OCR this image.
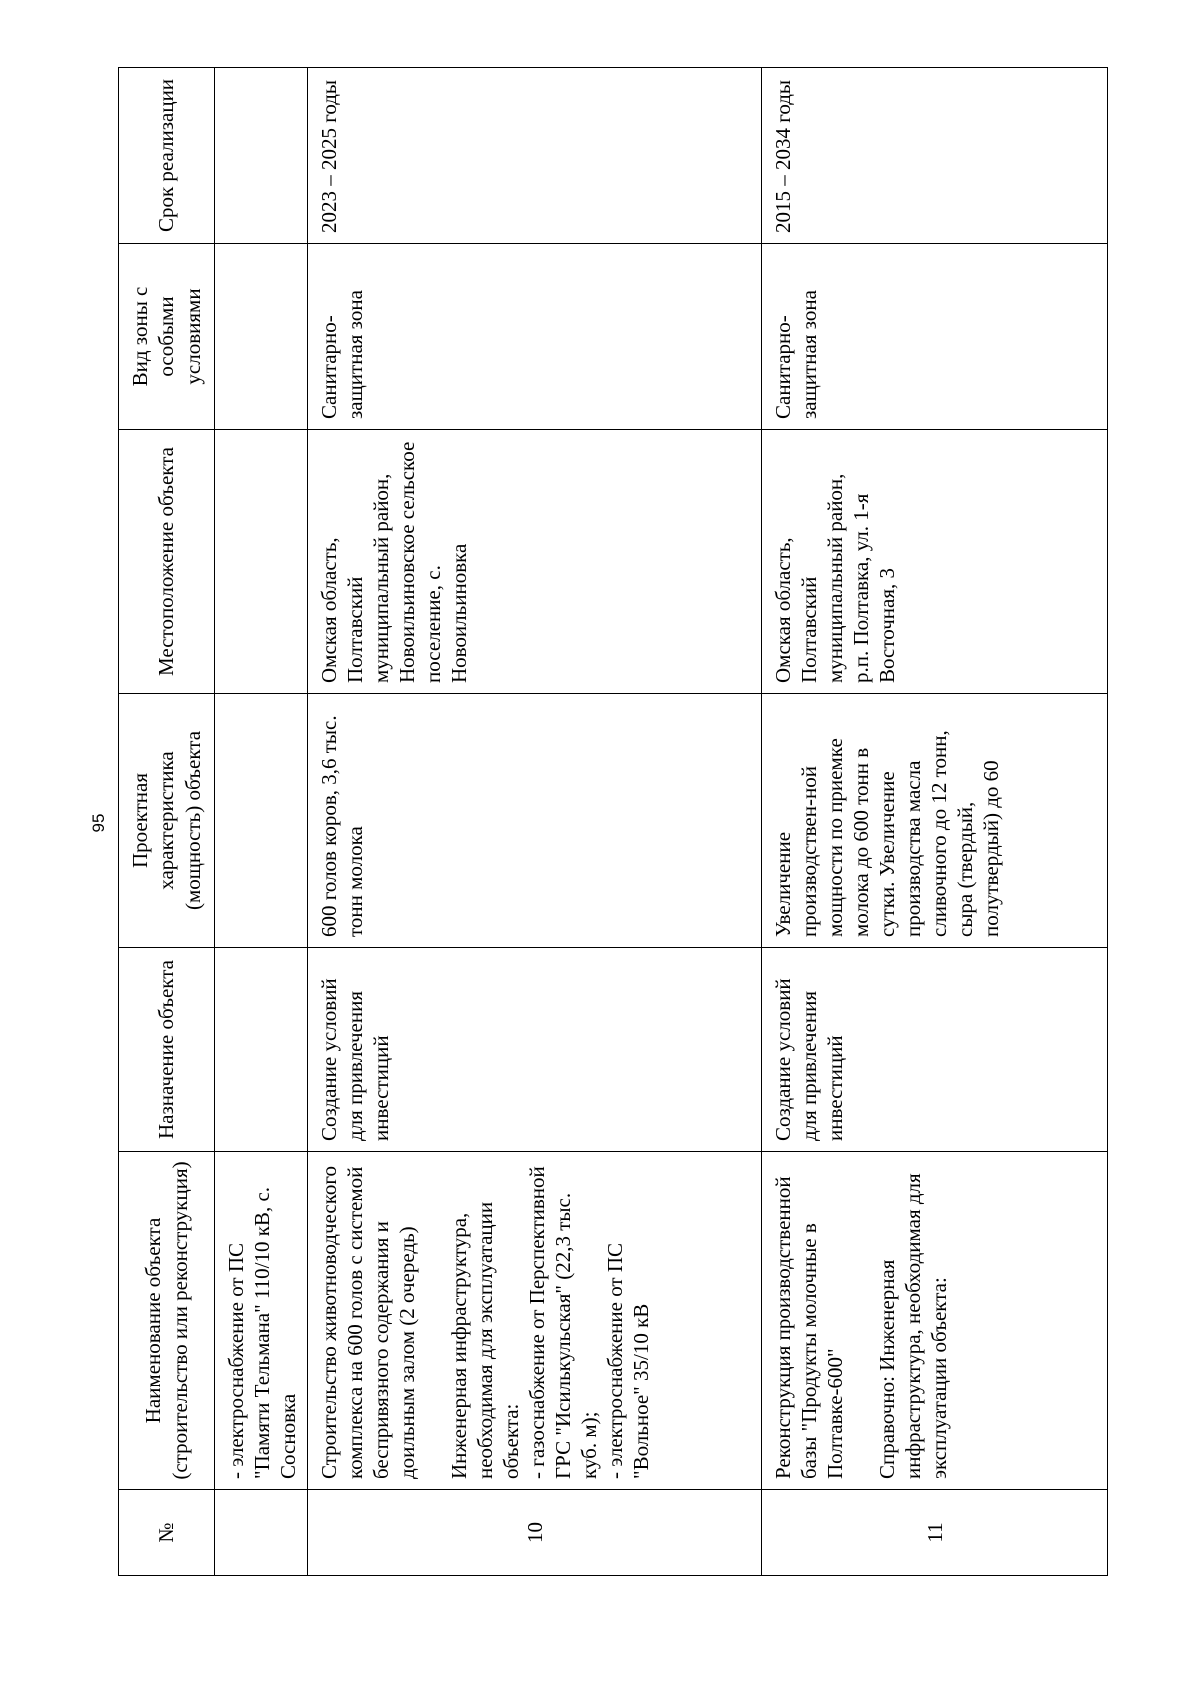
95
№	Наименование объекта (строительство или реконструкция)	Назначение объекта	Проектная характеристика (мощность) объекта	Местоположение объекта	Вид зоны с особыми условиями	Срок реализации
	- электроснабжение от ПС "Памяти Тельмана" 110/10 кВ, с. Сосновка					
10	Строительство животноводческого комплекса на 600 голов с системой беспривязного содержания и доильным залом (2 очередь) Инженерная инфраструктура, необходимая для эксплуатации объекта: - газоснабжение от Перспективной ГРС "Исилькульская" (22,3 тыс. куб. м); - электроснабжение от ПС "Вольное" 35/10 кВ	Создание условий для привлечения инвестиций	600 голов коров, 3,6 тыс. тонн молока	Омская область, Полтавский муниципальный район, Новоильиновское сельское поселение, с. Новоильиновка	Санитарно-защитная зона	2023 – 2025 годы
11	Реконструкция производственной базы "Продукты молочные в Полтавке-600" Справочно: Инженерная инфраструктура, необходимая для эксплуатации объекта:	Создание условий для привлечения инвестиций	Увеличение производствен-ной мощности по приемке молока до 600 тонн в сутки. Увеличение производства масла сливочного до 12 тонн, сыра (твердый, полутвердый) до 60	Омская область, Полтавский муниципальный район, р.п. Полтавка, ул. 1-я Восточная, 3	Санитарно-защитная зона	2015 – 2034 годы
